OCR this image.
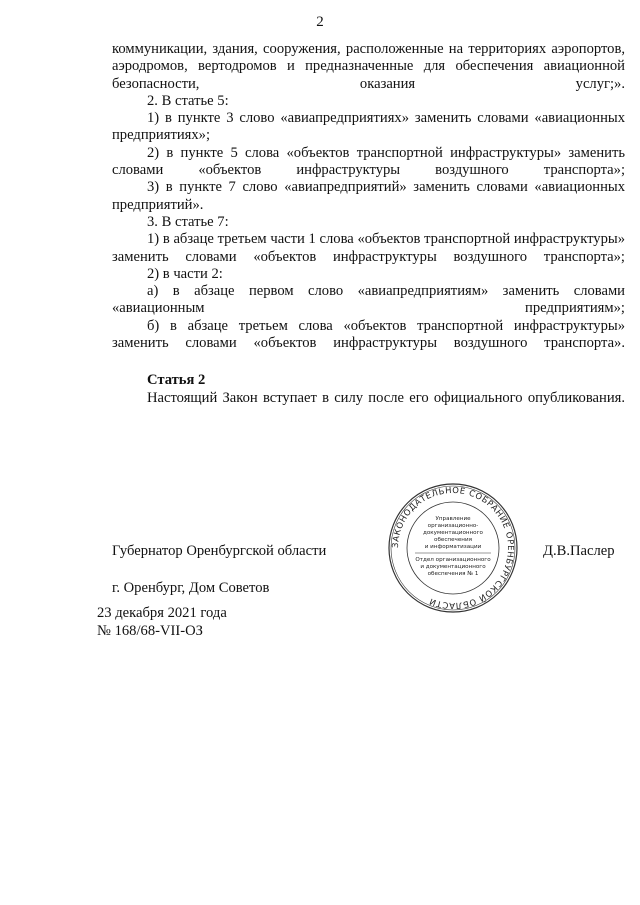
2

коммуникации, здания, сооружения, расположенные на территориях аэропортов, аэродромов, вертодромов и предназначенные для обеспечения авиационной безопасности, оказания услуг;».

2. В статье 5:

1) в пункте 3 слово «авиапредприятиях» заменить словами «авиационных предприятиях»;

2) в пункте 5 слова «объектов транспортной инфраструктуры» заменить словами «объектов инфраструктуры воздушного транспорта»;

3) в пункте 7 слово «авиапредприятий» заменить словами «авиационных предприятий».

3. В статье 7:

1) в абзаце третьем части 1 слова «объектов транспортной инфраструктуры» заменить словами «объектов инфраструктуры воздушного транспорта»;

2) в части 2:

а) в абзаце первом слово «авиапредприятиям» заменить словами «авиационным предприятиям»;

б) в абзаце третьем слова «объектов транспортной инфраструктуры» заменить словами «объектов инфраструктуры воздушного транспорта».

Статья 2

Настоящий Закон вступает в силу после его официального опубликования.

Губернатор Оренбургской области	Д.В.Паслер
г. Оренбург, Дом Советов
23 декабря 2021 года
№ 168/68-VII-ОЗ
ЗАКОНОДАТЕЛЬНОЕ СОБРАНИЕ ОРЕНБУРГСКОЙ ОБЛАСТИ
Управление
организационно-
документационного
обеспечения
и информатизации
Отдел организационного
и документационного
обеспечения № 1
